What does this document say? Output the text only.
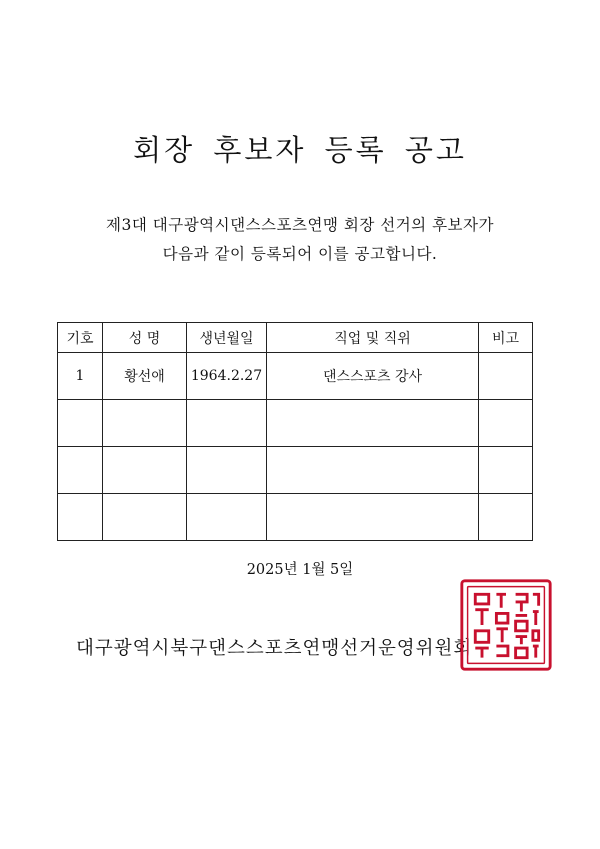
회장 후보자 등록 공고
제3대 대구광역시댄스스포츠연맹 회장 선거의 후보자가
다음과 같이 등록되어 이를 공고합니다.
기호	성 명	생년월일	직업 및 직위	비고
1	황선애	1964.2.27	댄스스포츠 강사	

2025년 1월 5일
대구광역시북구댄스스포츠연맹선거운영위원회
